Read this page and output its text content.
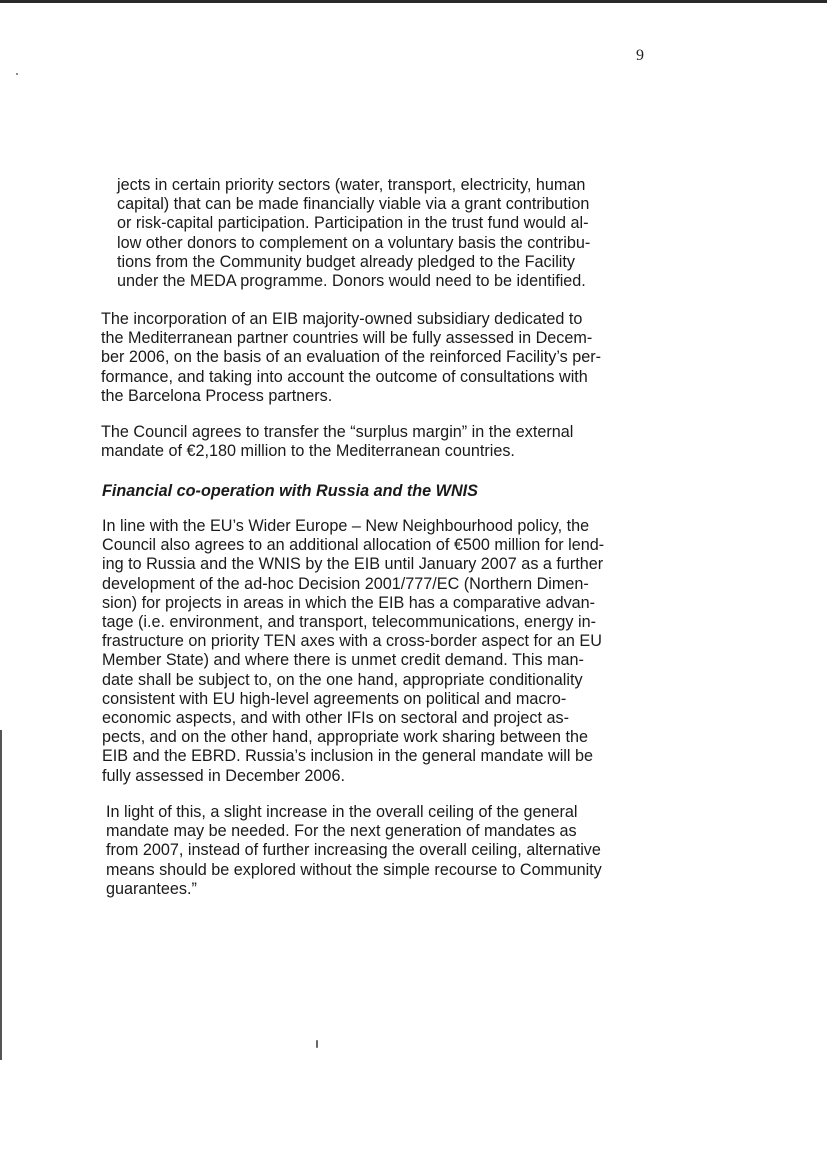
9

jects in certain priority sectors (water, transport, electricity, human
capital) that can be made financially viable via a grant contribution
or risk-capital participation. Participation in the trust fund would al-
low other donors to complement on a voluntary basis the contribu-
tions from the Community budget already pledged to the Facility
under the MEDA programme. Donors would need to be identified.

The incorporation of an EIB majority-owned subsidiary dedicated to
the Mediterranean partner countries will be fully assessed in Decem-
ber 2006, on the basis of an evaluation of the reinforced Facility’s per-
formance, and taking into account the outcome of consultations with
the Barcelona Process partners.

The Council agrees to transfer the “surplus margin” in the external
mandate of €2,180 million to the Mediterranean countries.

Financial co-operation with Russia and the WNIS

In line with the EU’s Wider Europe – New Neighbourhood policy, the
Council also agrees to an additional allocation of €500 million for lend-
ing to Russia and the WNIS by the EIB until January 2007 as a further
development of the ad-hoc Decision 2001/777/EC (Northern Dimen-
sion) for projects in areas in which the EIB has a comparative advan-
tage (i.e. environment, and transport, telecommunications, energy in-
frastructure on priority TEN axes with a cross-border aspect for an EU
Member State) and where there is unmet credit demand. This man-
date shall be subject to, on the one hand, appropriate conditionality
consistent with EU high-level agreements on political and macro-
economic aspects, and with other IFIs on sectoral and project as-
pects, and on the other hand, appropriate work sharing between the
EIB and the EBRD. Russia’s inclusion in the general mandate will be
fully assessed in December 2006.

In light of this, a slight increase in the overall ceiling of the general
mandate may be needed. For the next generation of mandates as
from 2007, instead of further increasing the overall ceiling, alternative
means should be explored without the simple recourse to Community
guarantees.”
